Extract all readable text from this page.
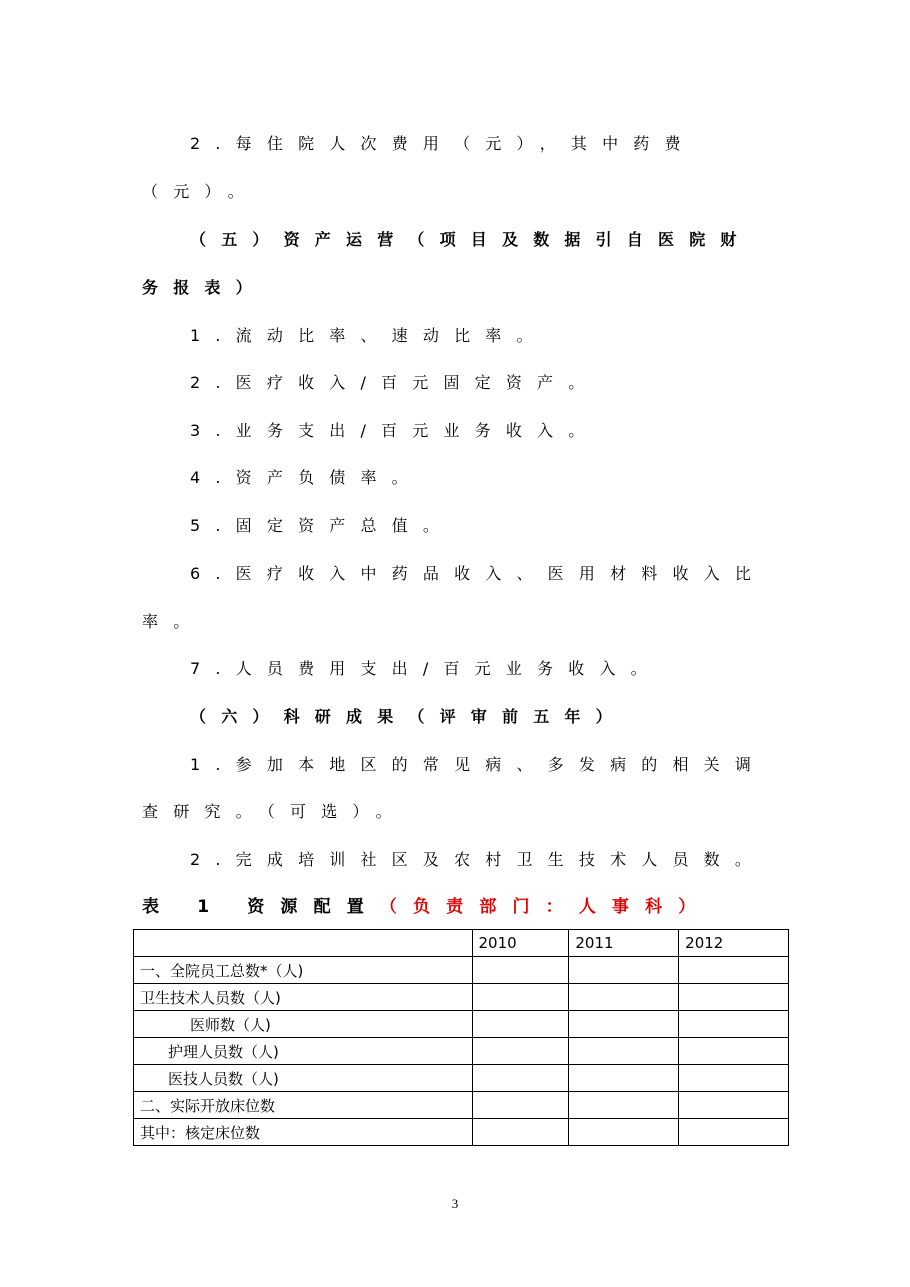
2.每住院人次费用（元），其中药费
（元）。
（五）资产运营（项目及数据引自医院财
务报表）
1.流动比率、速动比率。
2.医疗收入/百元固定资产。
3.业务支出/百元业务收入。
4.资产负债率。
5.固定资产总值。
6.医疗收入中药品收入、医用材料收入比
率。
7.人员费用支出/百元业务收入。
（六）科研成果（评审前五年）
1.参加本地区的常见病、多发病的相关调
查研究。（可选）。
2.完成培训社区及农村卫生技术人员数。
表 1 资源配置（负责部门：人事科）
	2010	2011	2012
一、全院员工总数*（人)			
卫生技术人员数（人)			
医师数（人)			
护理人员数（人)			
医技人员数（人)			
二、实际开放床位数			
其中：核定床位数			
3
